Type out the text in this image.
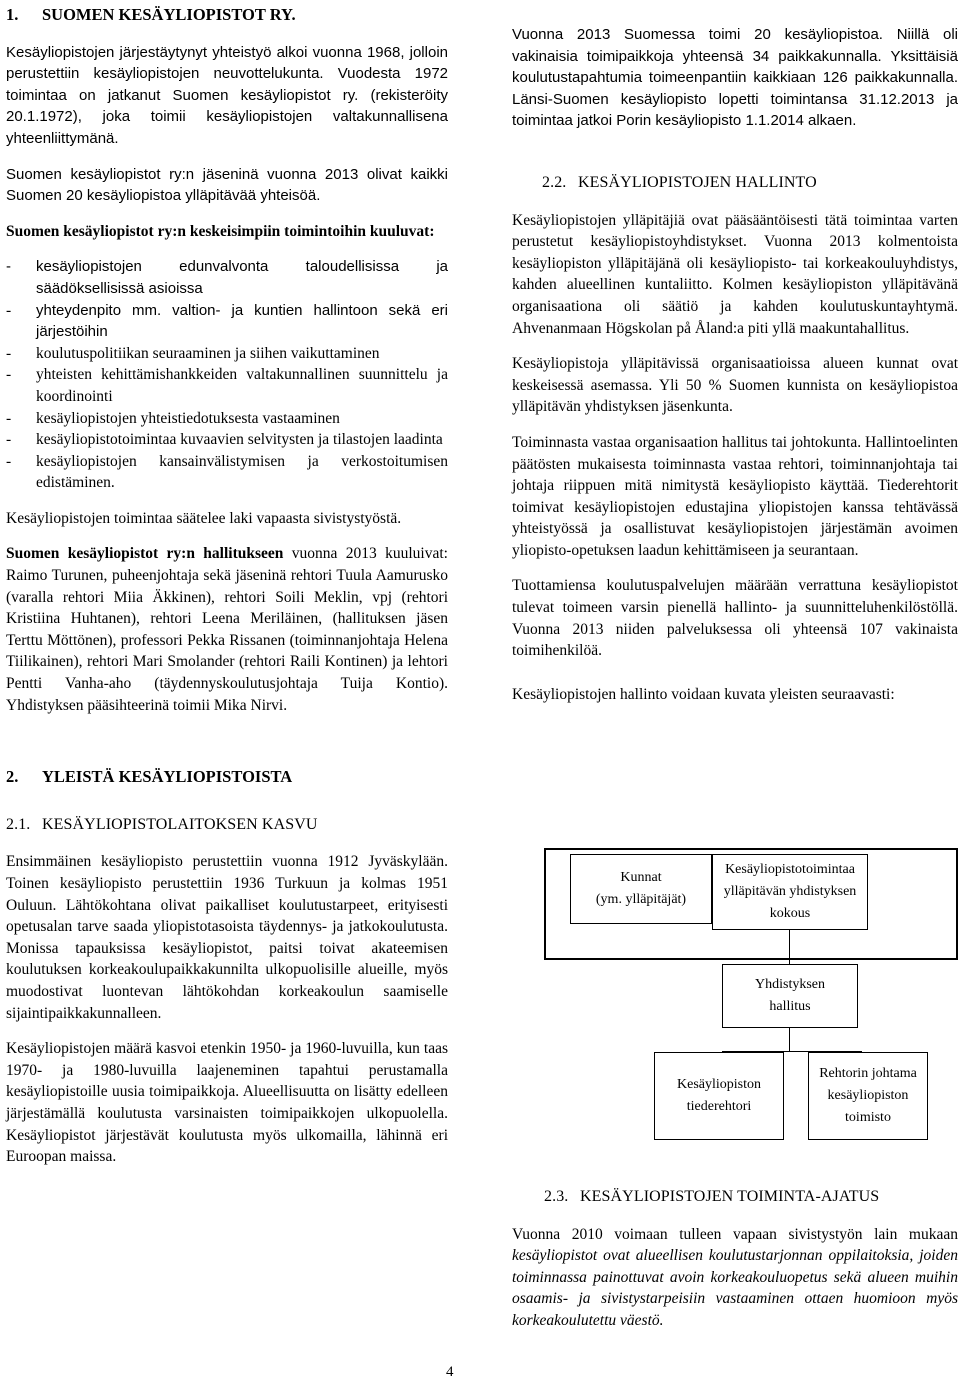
1. SUOMEN KESÄYLIOPISTOT RY.

Kesäyliopistojen järjestäytynyt yhteistyö alkoi vuonna 1968, jolloin perustettiin kesäyliopistojen neuvottelukunta. Vuodesta 1972 toimintaa on jatkanut Suomen kesäyliopistot ry. (rekisteröity 20.1.1972), joka toimii kesäyliopistojen valtakunnallisena yhteenliittymänä.

Suomen kesäyliopistot ry:n jäseninä vuonna 2013 olivat kaikki Suomen 20 kesäyliopistoa ylläpitävää yhteisöä.

Suomen kesäyliopistot ry:n keskeisimpiin toimintoihin kuuluvat:

- kesäyliopistojen edunvalvonta taloudellisissa ja säädöksellisissä asioissa
- yhteydenpito mm. valtion- ja kuntien hallintoon sekä eri järjestöihin
- koulutuspolitiikan seuraaminen ja siihen vaikuttaminen
- yhteisten kehittämishankkeiden valtakunnallinen suunnittelu ja koordinointi
- kesäyliopistojen yhteistiedotuksesta vastaaminen
- kesäyliopistotoimintaa kuvaavien selvitysten ja tilastojen laadinta
- kesäyliopistojen kansainvälistymisen ja verkostoitumisen edistäminen.

Kesäyliopistojen toimintaa säätelee laki vapaasta sivistystyöstä.

Suomen kesäyliopistot ry:n hallitukseen vuonna 2013 kuuluivat: Raimo Turunen, puheenjohtaja sekä jäseninä rehtori Tuula Aamurusko (varalla rehtori Miia Äkkinen), rehtori Soili Meklin, vpj (rehtori Kristiina Huhtanen), rehtori Leena Meriläinen, (hallituksen jäsen Terttu Möttönen), professori Pekka Rissanen (toiminnanjohtaja Helena Tiilikainen), rehtori Mari Smolander (rehtori Raili Kontinen) ja lehtori Pentti Vanha-aho (täydennyskoulutusjohtaja Tuija Kontio). Yhdistyksen pääsihteerinä toimii Mika Nirvi.

2. YLEISTÄ KESÄYLIOPISTOISTA
2.1. KESÄYLIOPISTOLAITOKSEN KASVU

Ensimmäinen kesäyliopisto perustettiin vuonna 1912 Jyväskylään. Toinen kesäyliopisto perustettiin 1936 Turkuun ja kolmas 1951 Ouluun. Lähtökohtana olivat paikalliset koulutustarpeet, erityisesti opetusalan tarve saada yliopistotasoista täydennys- ja jatkokoulutusta. Monissa tapauksissa kesäyliopistot, paitsi toivat akateemisen koulutuksen korkeakoulupaikkakunnilta ulkopuolisille alueille, myös muodostivat luontevan lähtökohdan korkeakoulun saamiselle sijaintipaikkakunnalleen.

Kesäyliopistojen määrä kasvoi etenkin 1950- ja 1960-luvuilla, kun taas 1970- ja 1980-luvuilla laajeneminen tapahtui perustamalla kesäyliopistoille uusia toimipaikkoja. Alueellisuutta on lisätty edelleen järjestämällä koulutusta varsinaisten toimipaikkojen ulkopuolella. Kesäyliopistot järjestävät koulutusta myös ulkomailla, lähinnä eri Euroopan maissa.

Vuonna 2013 Suomessa toimi 20 kesäyliopistoa. Niillä oli vakinaisia toimipaikkoja yhteensä 34 paikkakunnalla. Yksittäisiä koulutustapahtumia toimeenpantiin kaikkiaan 126 paikkakunnalla. Länsi-Suomen kesäyliopisto lopetti toimintansa 31.12.2013 ja toimintaa jatkoi Porin kesäyliopisto 1.1.2014 alkaen.

2.2. KESÄYLIOPISTOJEN HALLINTO

Kesäyliopistojen ylläpitäjiä ovat pääsääntöisesti tätä toimintaa varten perustetut kesäyliopistoyhdistykset. Vuonna 2013 kolmentoista kesäyliopiston ylläpitäjänä oli kesäyliopisto- tai korkeakouluyhdistys, kahden alueellinen kuntaliitto. Kolmen kesäyliopiston ylläpitävänä organisaationa oli säätiö ja kahden koulutuskuntayhtymä. Ahvenanmaan Högskolan på Åland:a piti yllä maakuntahallitus.

Kesäyliopistoja ylläpitävissä organisaatioissa alueen kunnat ovat keskeisessä asemassa. Yli 50 % Suomen kunnista on kesäyliopistoa ylläpitävän yhdistyksen jäsenkunta.

Toiminnasta vastaa organisaation hallitus tai johtokunta. Hallintoelinten päätösten mukaisesta toiminnasta vastaa rehtori, toiminnanjohtaja tai johtaja riippuen mitä nimitystä kesäyliopisto käyttää. Tiederehtorit toimivat kesäyliopistojen edustajina yliopistojen kanssa tehtävässä yhteistyössä ja osallistuvat kesäyliopistojen järjestämän avoimen yliopisto-opetuksen laadun kehittämiseen ja seurantaan.

Tuottamiensa koulutuspalvelujen määrään verrattuna kesäyliopistot tulevat toimeen varsin pienellä hallinto- ja suunnitteluhenkilöstöllä. Vuonna 2013 niiden palveluksessa oli yhteensä 107 vakinaista toimihenkilöä.

Kesäyliopistojen hallinto voidaan kuvata yleisten seuraavasti:

Kunnat
(ym. ylläpitäjät)
Kesäyliopistotoimintaa
ylläpitävän yhdistyksen
kokous
Yhdistyksen
hallitus
Kesäyliopiston
tiederehtori
Rehtorin johtama
kesäyliopiston
toimisto
2.3. KESÄYLIOPISTOJEN TOIMINTA-AJATUS

Vuonna 2010 voimaan tulleen vapaan sivistystyön lain mukaan kesäyliopistot ovat alueellisen koulutustarjonnan oppilaitoksia, joiden toiminnassa painottuvat avoin korkeakouluopetus sekä alueen muihin osaamis- ja sivistystarpeisiin vastaaminen ottaen huomioon myös korkeakoulutettu väestö.

4
